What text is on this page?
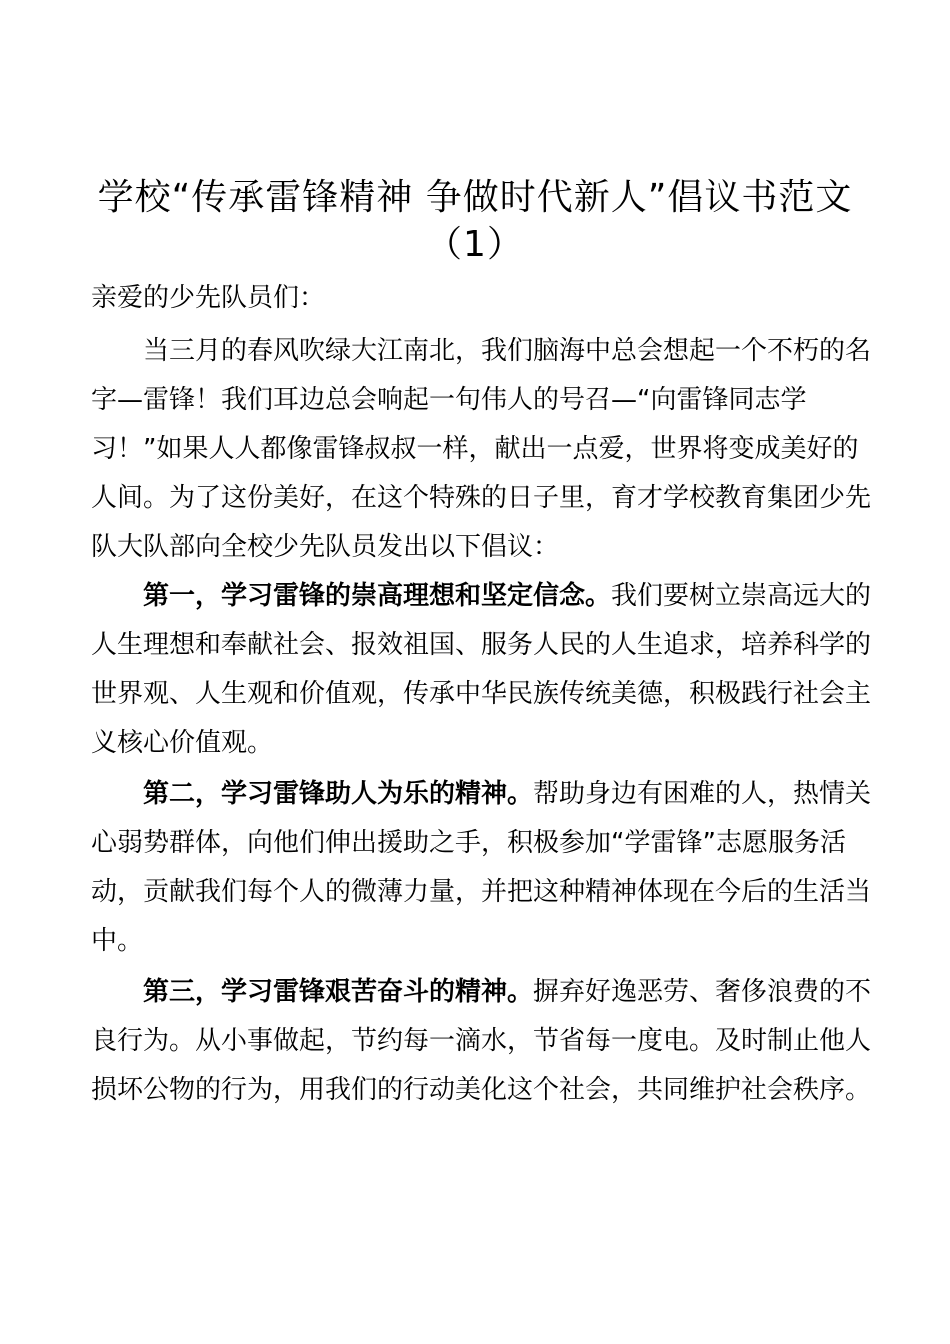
学校“传承雷锋精神 争做时代新人”倡议书范文
（1）
亲爱的少先队员们：
当三月的春风吹绿大江南北，我们脑海中总会想起一个不朽的名
字—雷锋！我们耳边总会响起一句伟人的号召—“向雷锋同志学
习！”如果人人都像雷锋叔叔一样，献出一点爱，世界将变成美好的
人间。为了这份美好，在这个特殊的日子里，育才学校教育集团少先
队大队部向全校少先队员发出以下倡议：
第一，学习雷锋的崇高理想和坚定信念。我们要树立崇高远大的
人生理想和奉献社会、报效祖国、服务人民的人生追求，培养科学的
世界观、人生观和价值观，传承中华民族传统美德，积极践行社会主
义核心价值观。
第二，学习雷锋助人为乐的精神。帮助身边有困难的人，热情关
心弱势群体，向他们伸出援助之手，积极参加“学雷锋”志愿服务活
动，贡献我们每个人的微薄力量，并把这种精神体现在今后的生活当
中。
第三，学习雷锋艰苦奋斗的精神。摒弃好逸恶劳、奢侈浪费的不
良行为。从小事做起，节约每一滴水，节省每一度电。及时制止他人
损坏公物的行为，用我们的行动美化这个社会，共同维护社会秩序。
